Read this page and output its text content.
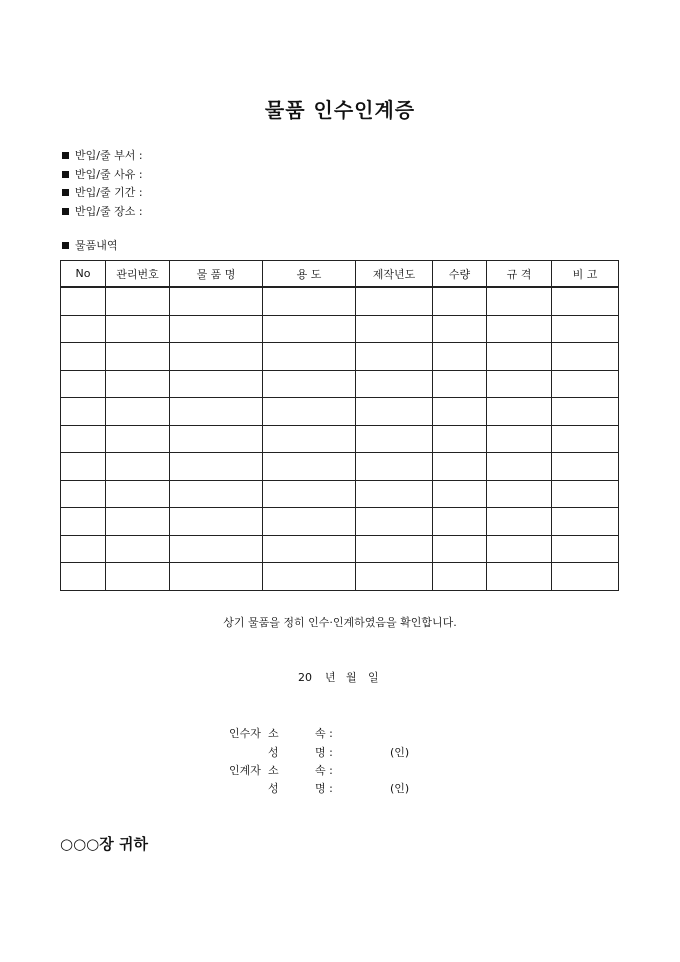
물품 인수인계증
반입/줄 부서 :
반입/줄 사유 :
반입/줄 기간 :
반입/줄 장소 :
물품내역
No	관리번호	물 품 명	용 도	제작년도	수량	규 격	비 고

상기 물품을 정히 인수·인계하였음을 확인합니다.
20 년 월 일
인수자 소	속 :
성	명 :	(인)
인계자 소	속 :
성	명 :	(인)
○○○장 귀하
